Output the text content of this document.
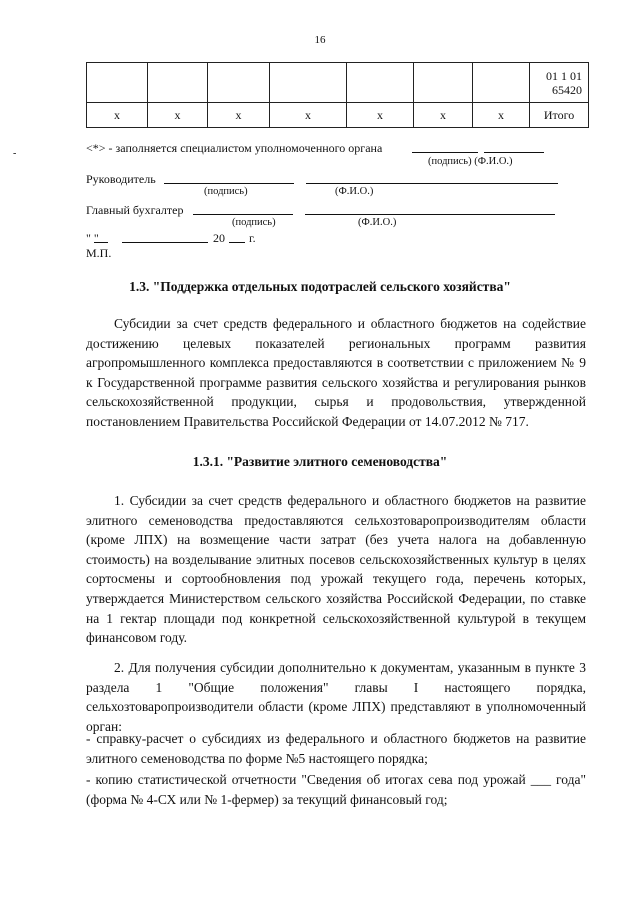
16
-

							01 1 01
65420

х	х	х	х	х	х	х	Итого
<*> - заполняется специалистом уполномоченного органа
(подпись) (Ф.И.О.)
Руководитель
(подпись)	(Ф.И.О.)
Главный бухгалтер
(подпись)	(Ф.И.О.)
" "	20 г.
М.П.
1.3. "Поддержка отдельных подотраслей сельского хозяйства"
Субсидии за счет средств федерального и областного бюджетов на содействие достижению целевых показателей региональных программ развития агропромышленного комплекса предоставляются в соответствии с приложением № 9 к Государственной программе развития сельского хозяйства и регулирования рынков сельскохозяйственной продукции, сырья и продовольствия, утвержденной постановлением Правительства Российской Федерации от 14.07.2012 № 717.
1.3.1. "Развитие элитного семеноводства"
1. Субсидии за счет средств федерального и областного бюджетов на развитие элитного семеноводства предоставляются сельхозтоваропроизводителям области (кроме ЛПХ) на возмещение части затрат (без учета налога на добавленную стоимость) на возделывание элитных посевов сельскохозяйственных культур в целях сортосмены и сортообновления под урожай текущего года, перечень которых, утверждается Министерством сельского хозяйства Российской Федерации, по ставке на 1 гектар площади под конкретной сельскохозяйственной культурой в текущем финансовом году.
2. Для получения субсидии дополнительно к документам, указанным в пункте 3 раздела 1 "Общие положения" главы I настоящего порядка, сельхозтоваропроизводители области (кроме ЛПХ) представляют в уполномоченный орган:
- справку-расчет о субсидиях из федерального и областного бюджетов на развитие элитного семеноводства по форме №5 настоящего порядка;
- копию статистической отчетности "Сведения об итогах сева под урожай ___ года" (форма № 4-СХ или № 1-фермер) за текущий финансовый год;
